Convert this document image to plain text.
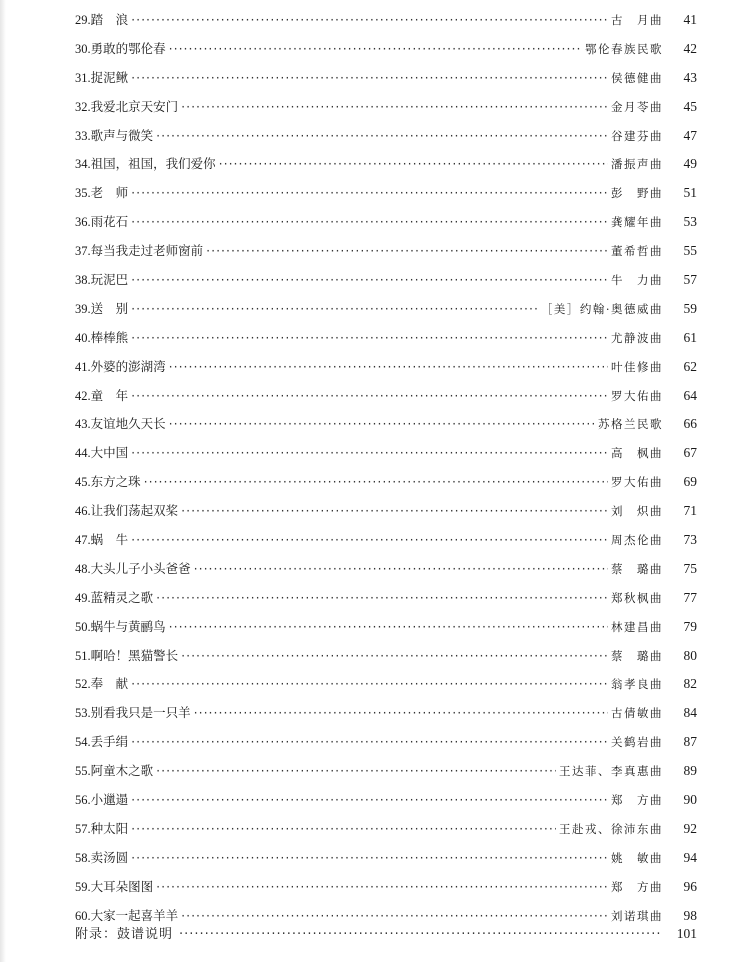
29. 踏　浪 ·····	古　月曲	41
30. 勇敢的鄂伦春 ·····	鄂伦春族民歌	42
31. 捉泥鳅 ·····	侯德健曲	43
32. 我爱北京天安门 ·····	金月苓曲	45
33. 歌声与微笑 ·····	谷建芬曲	47
34. 祖国，祖国，我们爱你 ·····	潘振声曲	49
35. 老　师 ·····	彭　野曲	51
36. 雨花石 ·····	龚耀年曲	53
37. 每当我走过老师窗前 ·····	董希哲曲	55
38. 玩泥巴 ·····	牛　力曲	57
39. 送　别 ·····	［美］约翰·奥德威曲	59
40. 棒棒熊 ·····	尤静波曲	61
41. 外婆的澎湖湾 ·····	叶佳修曲	62
42. 童　年 ·····	罗大佑曲	64
43. 友谊地久天长 ·····	苏格兰民歌	66
44. 大中国 ·····	高　枫曲	67
45. 东方之珠 ·····	罗大佑曲	69
46. 让我们荡起双桨 ·····	刘　炽曲	71
47. 蜗　牛 ·····	周杰伦曲	73
48. 大头儿子小头爸爸 ·····	蔡　璐曲	75
49. 蓝精灵之歌 ·····	郑秋枫曲	77
50. 蜗牛与黄鹂鸟 ·····	林建昌曲	79
51. 啊哈！黑猫警长 ·····	蔡　璐曲	80
52. 奉　献 ·····	翁孝良曲	82
53. 别看我只是一只羊 ·····	古倩敏曲	84
54. 丢手绢 ·····	关鹤岩曲	87
55. 阿童木之歌 ·····	王达菲、李真惠曲	89
56. 小邋遢 ·····	郑　方曲	90
57. 种太阳 ·····	王赴戎、徐沛东曲	92
58. 卖汤圆 ·····	姚　敏曲	94
59. 大耳朵图图 ·····	郑　方曲	96
60. 大家一起喜羊羊 ·····	刘诺琪曲	98
附录：鼓谱说明 ·····	101
